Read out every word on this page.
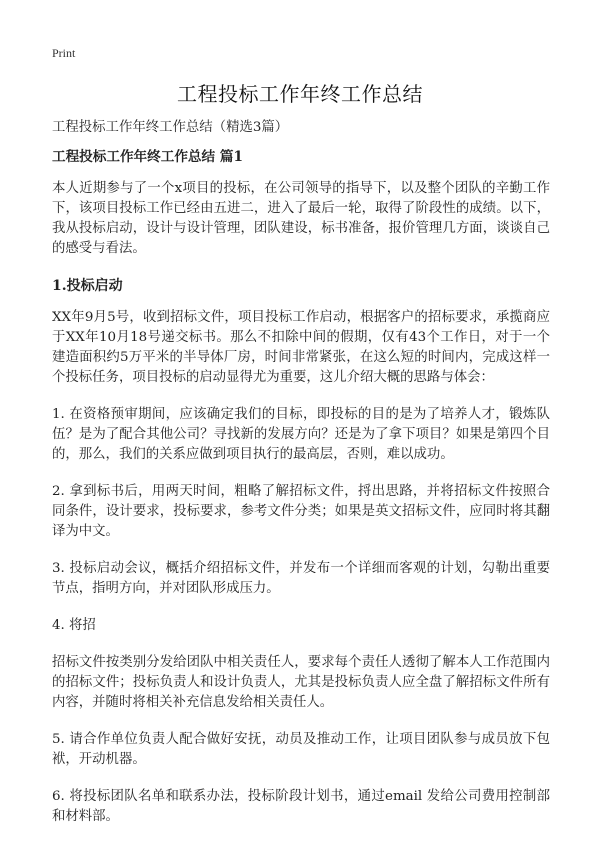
Print
工程投标工作年终工作总结

工程投标工作年终工作总结（精选3篇）

工程投标工作年终工作总结 篇1

本人近期参与了一个x项目的投标，在公司领导的指导下，以及整个团队的辛勤工作下，该项目投标工作已经由五进二，进入了最后一轮，取得了阶段性的成绩。以下，我从投标启动，设计与设计管理，团队建设，标书准备，报价管理几方面，谈谈自己的感受与看法。

1.投标启动

XX年9月5号，收到招标文件，项目投标工作启动，根据客户的招标要求，承揽商应于XX年10月18号递交标书。那么不扣除中间的假期，仅有43个工作日，对于一个建造面积约5万平米的半导体厂房，时间非常紧张，在这么短的时间内，完成这样一个投标任务，项目投标的启动显得尤为重要，这儿介绍大概的思路与体会：

1. 在资格预审期间，应该确定我们的目标，即投标的目的是为了培养人才，锻炼队伍？是为了配合其他公司？寻找新的发展方向？还是为了拿下项目？如果是第四个目的，那么，我们的关系应做到项目执行的最高层，否则，难以成功。

2. 拿到标书后，用两天时间，粗略了解招标文件，捋出思路，并将招标文件按照合同条件，设计要求，投标要求，参考文件分类；如果是英文招标文件，应同时将其翻译为中文。

3. 投标启动会议，概括介绍招标文件，并发布一个详细而客观的计划，勾勒出重要节点，指明方向，并对团队形成压力。

4. 将招

招标文件按类别分发给团队中相关责任人，要求每个责任人透彻了解本人工作范围内的招标文件；投标负责人和设计负责人，尤其是投标负责人应全盘了解招标文件所有内容，并随时将相关补充信息发给相关责任人。

5. 请合作单位负责人配合做好安抚，动员及推动工作，让项目团队参与成员放下包袱，开动机器。

6. 将投标团队名单和联系办法，投标阶段计划书，通过email 发给公司费用控制部和材料部。
